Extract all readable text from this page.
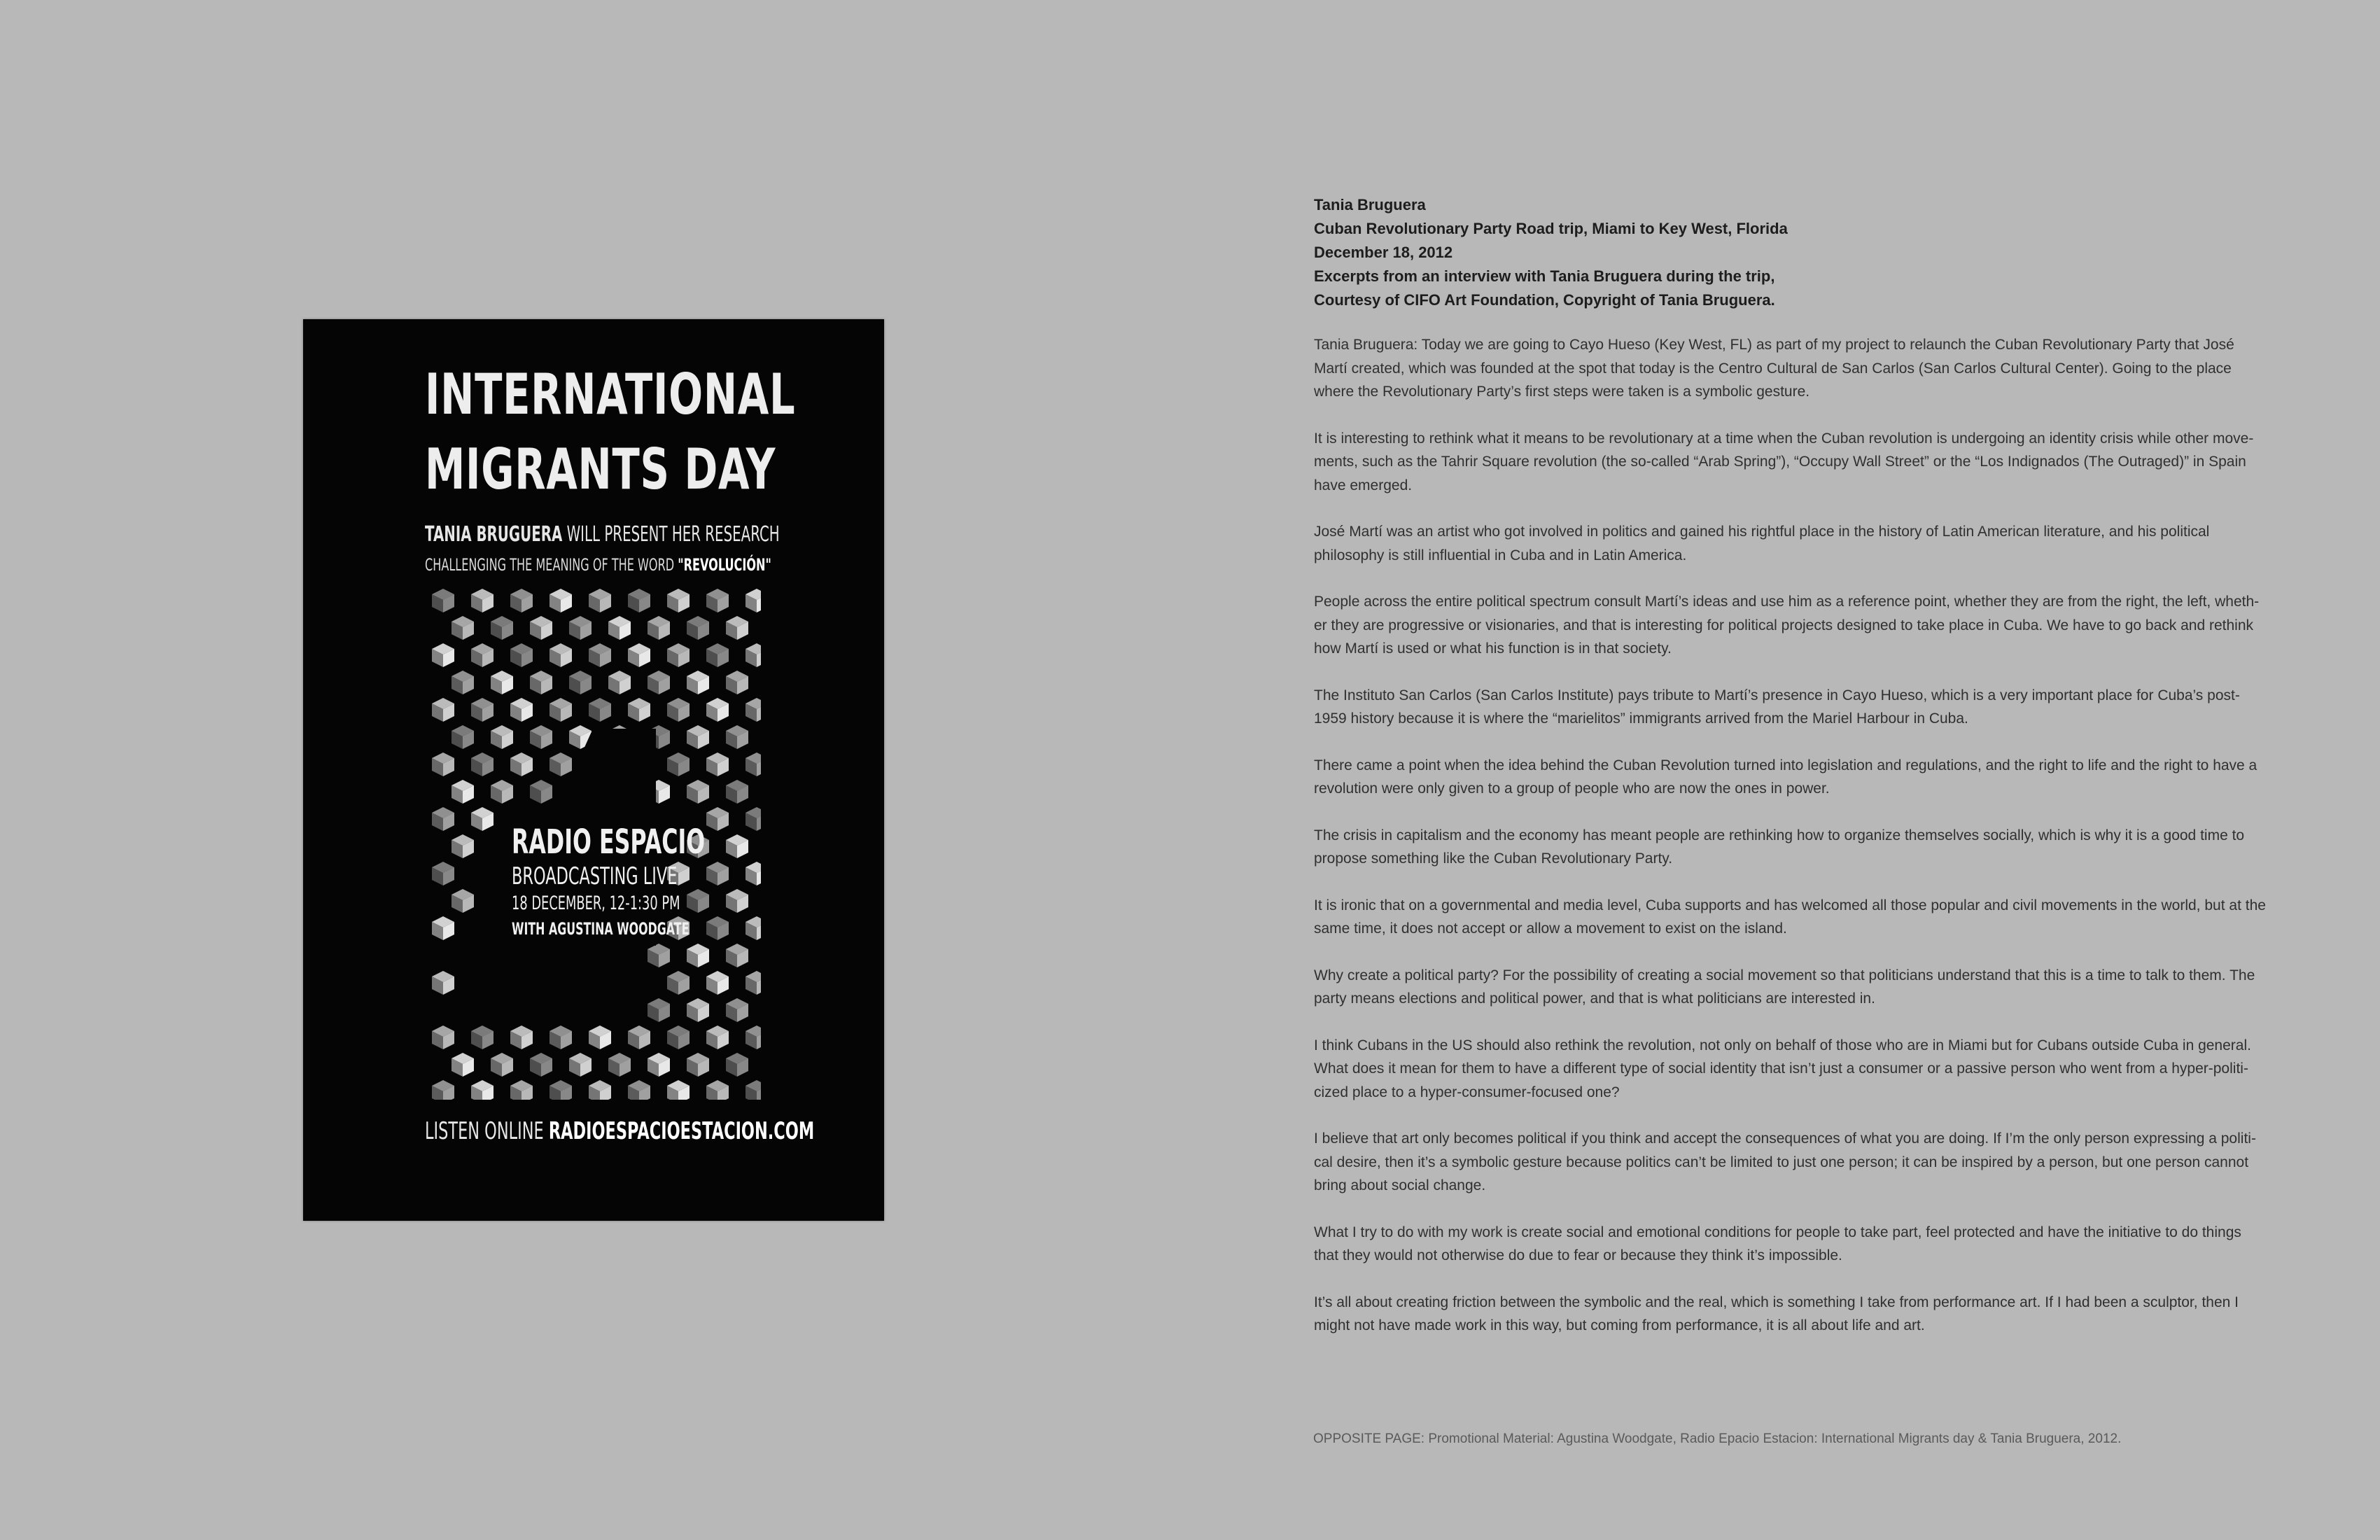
INTERNATIONAL
MIGRANTS DAY
TANIA BRUGUERA WILL PRESENT HER RESEARCH
CHALLENGING THE MEANING OF THE WORD "REVOLUCIÓN"
RADIO ESPACIO
BROADCASTING LIVE
18 DECEMBER, 12-1:30 PM
WITH AGUSTINA WOODGATE
LISTEN ONLINE RADIOESPACIOESTACION.COM
Tania Bruguera
Cuban Revolutionary Party Road trip, Miami to Key West, Florida
December 18, 2012
Excerpts from an interview with Tania Bruguera during the trip,
Courtesy of CIFO Art Foundation, Copyright of Tania Bruguera.

Tania Bruguera: Today we are going to Cayo Hueso (Key West, FL) as part of my project to relaunch the Cuban Revolutionary Party that José Martí created, which was founded at the spot that today is the Centro Cultural de San Carlos (San Carlos Cultural Center). Going to the place where the Revolutionary Party’s first steps were taken is a symbolic gesture.

It is interesting to rethink what it means to be revolutionary at a time when the Cuban revolution is undergoing an identity crisis while other move-ments, such as the Tahrir Square revolution (the so-called “Arab Spring”), “Occupy Wall Street” or the “Los Indignados (The Outraged)” in Spain have emerged.

José Martí was an artist who got involved in politics and gained his rightful place in the history of Latin American literature, and his political philosophy is still influential in Cuba and in Latin America.

People across the entire political spectrum consult Martí’s ideas and use him as a reference point, whether they are from the right, the left, wheth-er they are progressive or visionaries, and that is interesting for political projects designed to take place in Cuba. We have to go back and rethink how Martí is used or what his function is in that society.

The Instituto San Carlos (San Carlos Institute) pays tribute to Martí’s presence in Cayo Hueso, which is a very important place for Cuba’s post-1959 history because it is where the “marielitos” immigrants arrived from the Mariel Harbour in Cuba.

There came a point when the idea behind the Cuban Revolution turned into legislation and regulations, and the right to life and the right to have a revolution were only given to a group of people who are now the ones in power.

The crisis in capitalism and the economy has meant people are rethinking how to organize themselves socially, which is why it is a good time to propose something like the Cuban Revolutionary Party.

It is ironic that on a governmental and media level, Cuba supports and has welcomed all those popular and civil movements in the world, but at the same time, it does not accept or allow a movement to exist on the island.

Why create a political party? For the possibility of creating a social movement so that politicians understand that this is a time to talk to them. The party means elections and political power, and that is what politicians are interested in.

I think Cubans in the US should also rethink the revolution, not only on behalf of those who are in Miami but for Cubans outside Cuba in general. What does it mean for them to have a different type of social identity that isn’t just a consumer or a passive person who went from a hyper-politi-cized place to a hyper-consumer-focused one?

I believe that art only becomes political if you think and accept the consequences of what you are doing. If I’m the only person expressing a politi-cal desire, then it’s a symbolic gesture because politics can’t be limited to just one person; it can be inspired by a person, but one person cannot bring about social change.

What I try to do with my work is create social and emotional conditions for people to take part, feel protected and have the initiative to do things that they would not otherwise do due to fear or because they think it’s impossible.

It’s all about creating friction between the symbolic and the real, which is something I take from performance art. If I had been a sculptor, then I might not have made work in this way, but coming from performance, it is all about life and art.

OPPOSITE PAGE: Promotional Material: Agustina Woodgate, Radio Epacio Estacion: International Migrants day & Tania Bruguera, 2012.
